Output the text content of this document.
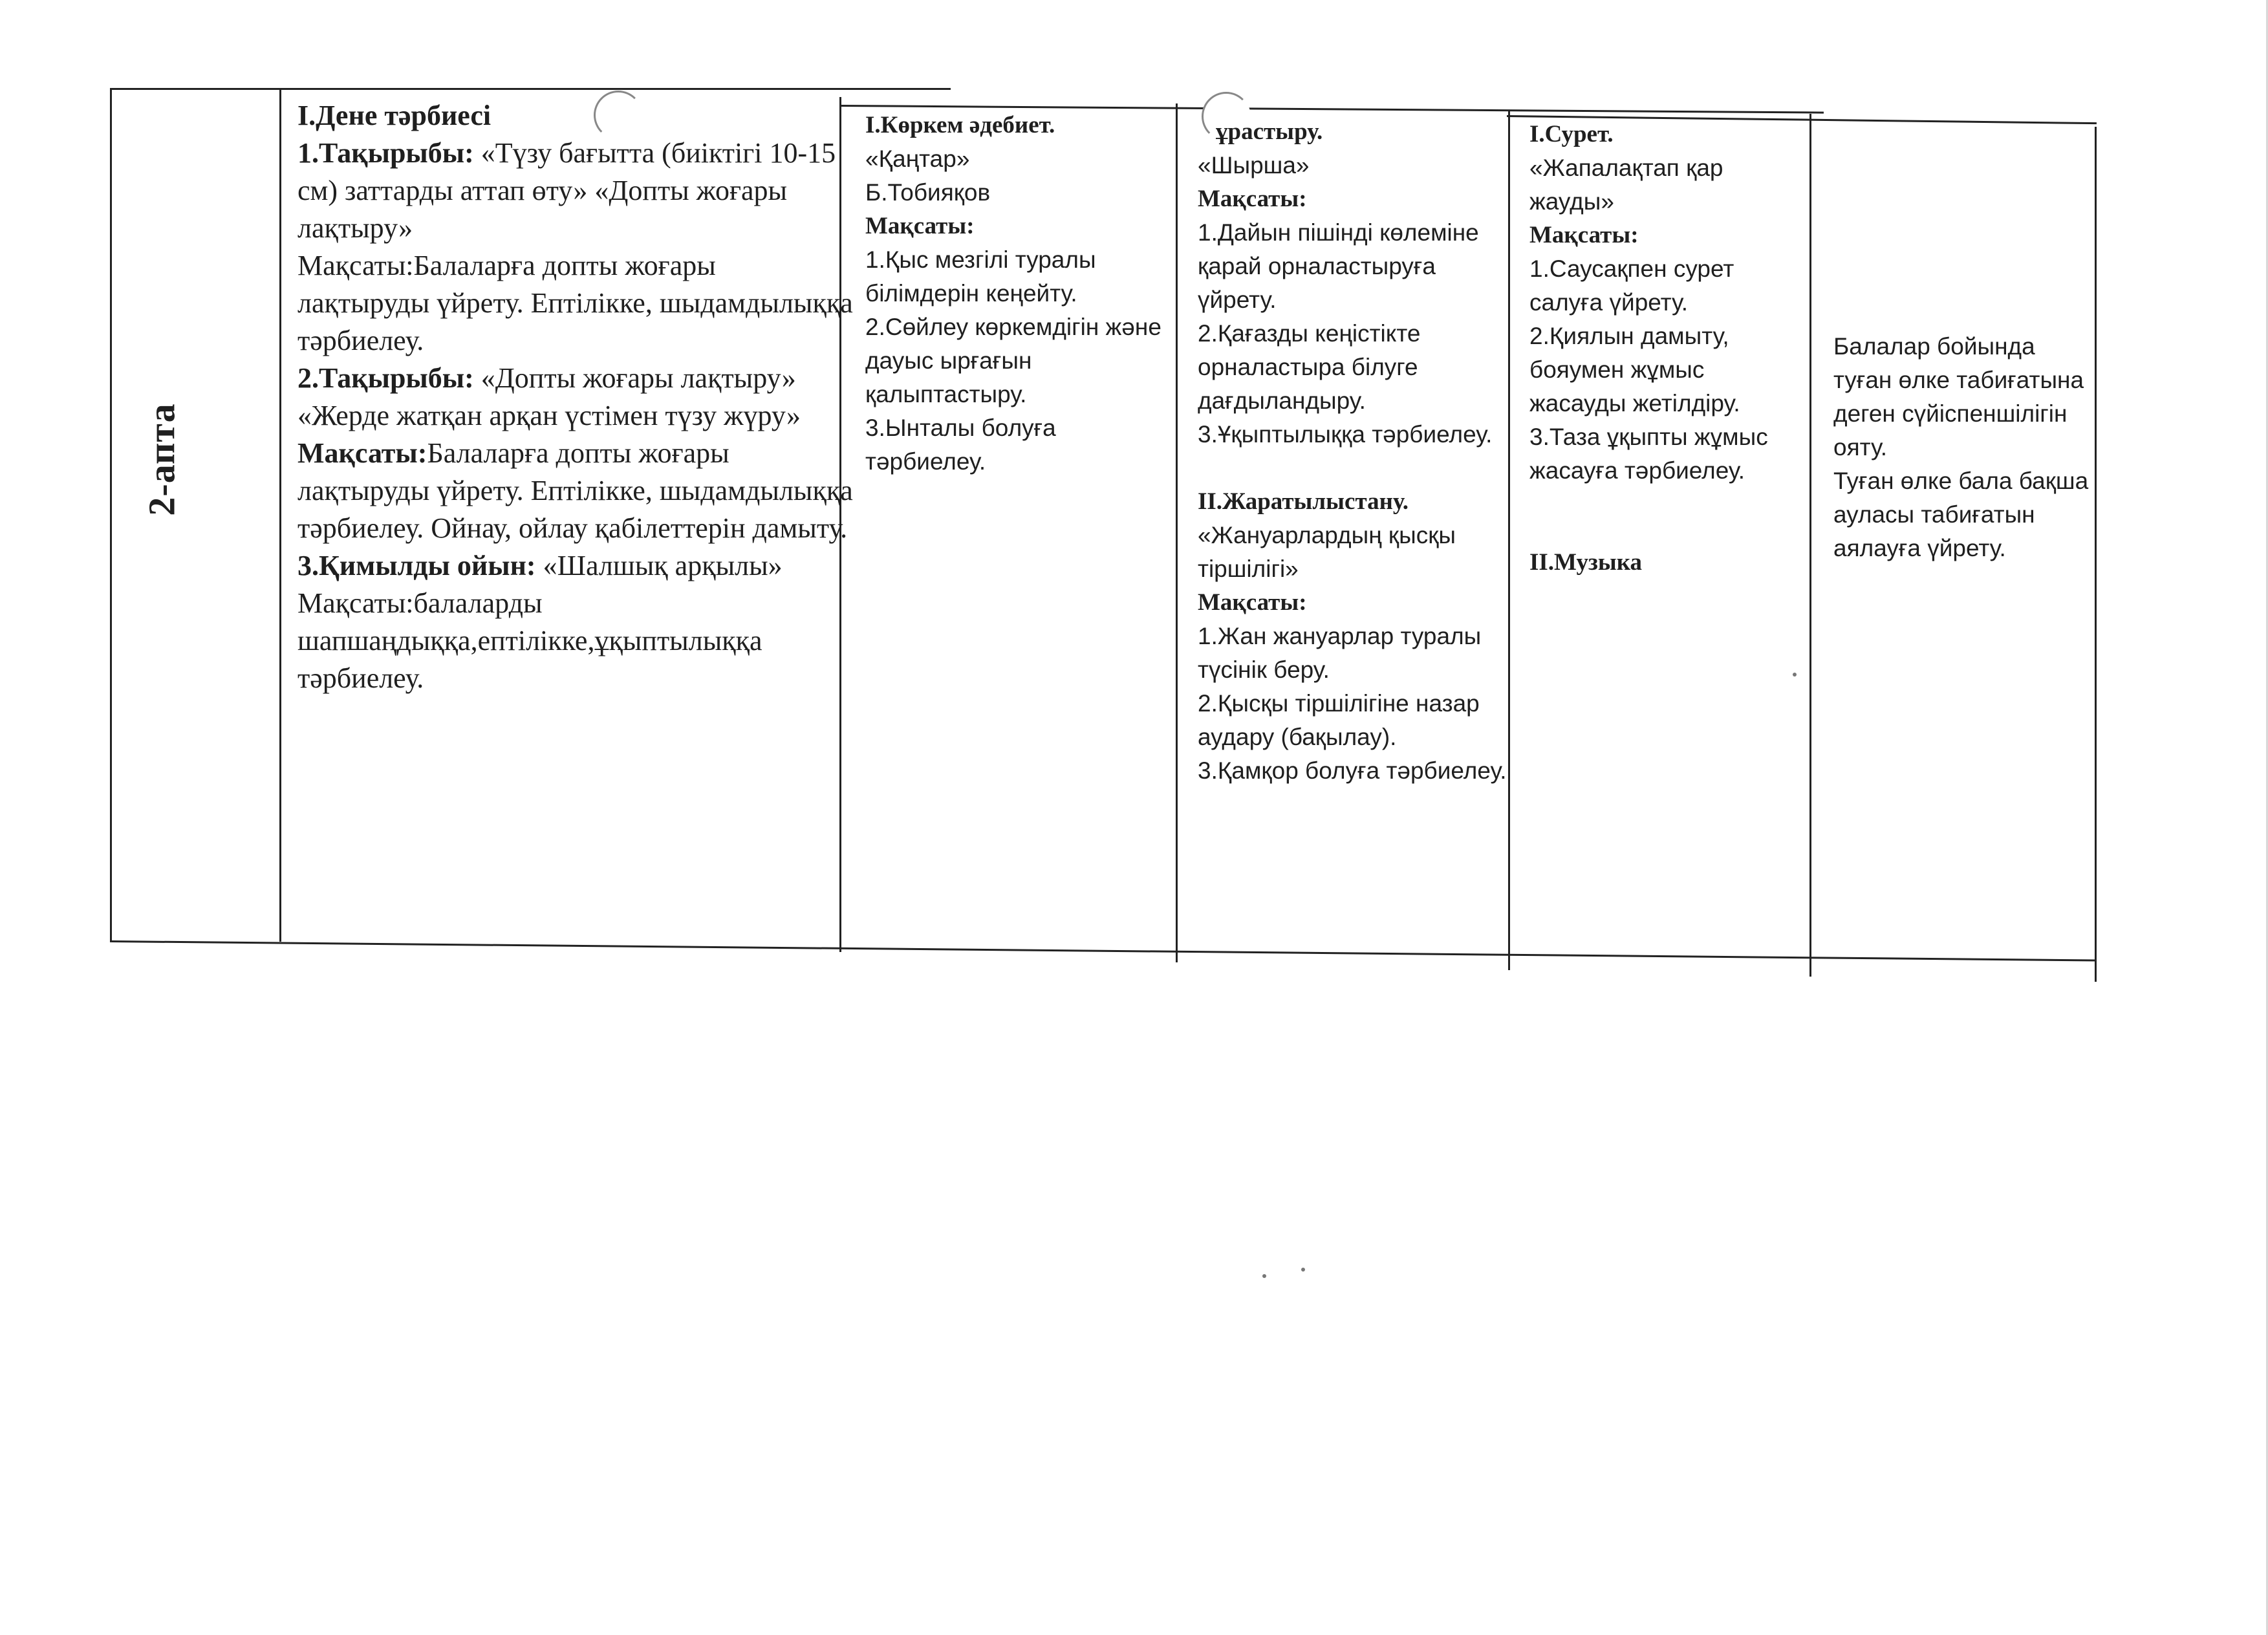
2-апта

І.Дене тәрбиесі

1.Тақырыбы: «Түзу бағытта (биіктігі 10-15 см) заттарды аттап өту» «Допты жоғары лақтыру»

Мақсаты:Балаларға допты жоғары лақтыруды үйрету. Ептілікке, шыдамдылыққа тәрбиелеу.

2.Тақырыбы: «Допты жоғары лақтыру» «Жерде жатқан арқан үстімен түзу жүру»

Мақсаты:Балаларға допты жоғары лақтыруды үйрету. Ептілікке, шыдамдылыққа тәрбиелеу. Ойнау, ойлау қабілеттерін дамыту.

3.Қимылды ойын: «Шалшық арқылы»

Мақсаты:балаларды шапшаңдыққа,ептілікке,ұқыптылыққа тәрбиелеу.

І.Көркем әдебиет.

«Қаңтар»

Б.Тобияқов

Мақсаты:

1.Қыс мезгілі туралы білімдерін кеңейту.

2.Сөйлеу көркемдігін және дауыс ырғағын қалыптастыру.

3.Ынталы болуға тәрбиелеу.

ұрастыру.

«Шырша»

Мақсаты:

1.Дайын пішінді көлеміне қарай орналастыруға үйрету.

2.Қағазды кеңістікте орналастыра білуге дағдыландыру.

3.Ұқыптылыққа тәрбиелеу.

ІІ.Жаратылыстану.

«Жануарлардың қысқы тіршілігі»

Мақсаты:

1.Жан жануарлар туралы түсінік беру.

2.Қысқы тіршілігіне назар аудару (бақылау).

3.Қамқор болуға тәрбиелеу.

І.Сурет.

«Жапалақтап қар жауды»

Мақсаты:

1.Саусақпен сурет салуға үйрету.

2.Қиялын дамыту, бояумен жұмыс жасауды жетілдіру.

3.Таза ұқыпты жұмыс жасауға тәрбиелеу.

ІІ.Музыка

Балалар бойында туған өлке табиғатына деген сүйіспеншілігін ояту.

Туған өлке бала бақша ауласы табиғатын аялауға үйрету.
